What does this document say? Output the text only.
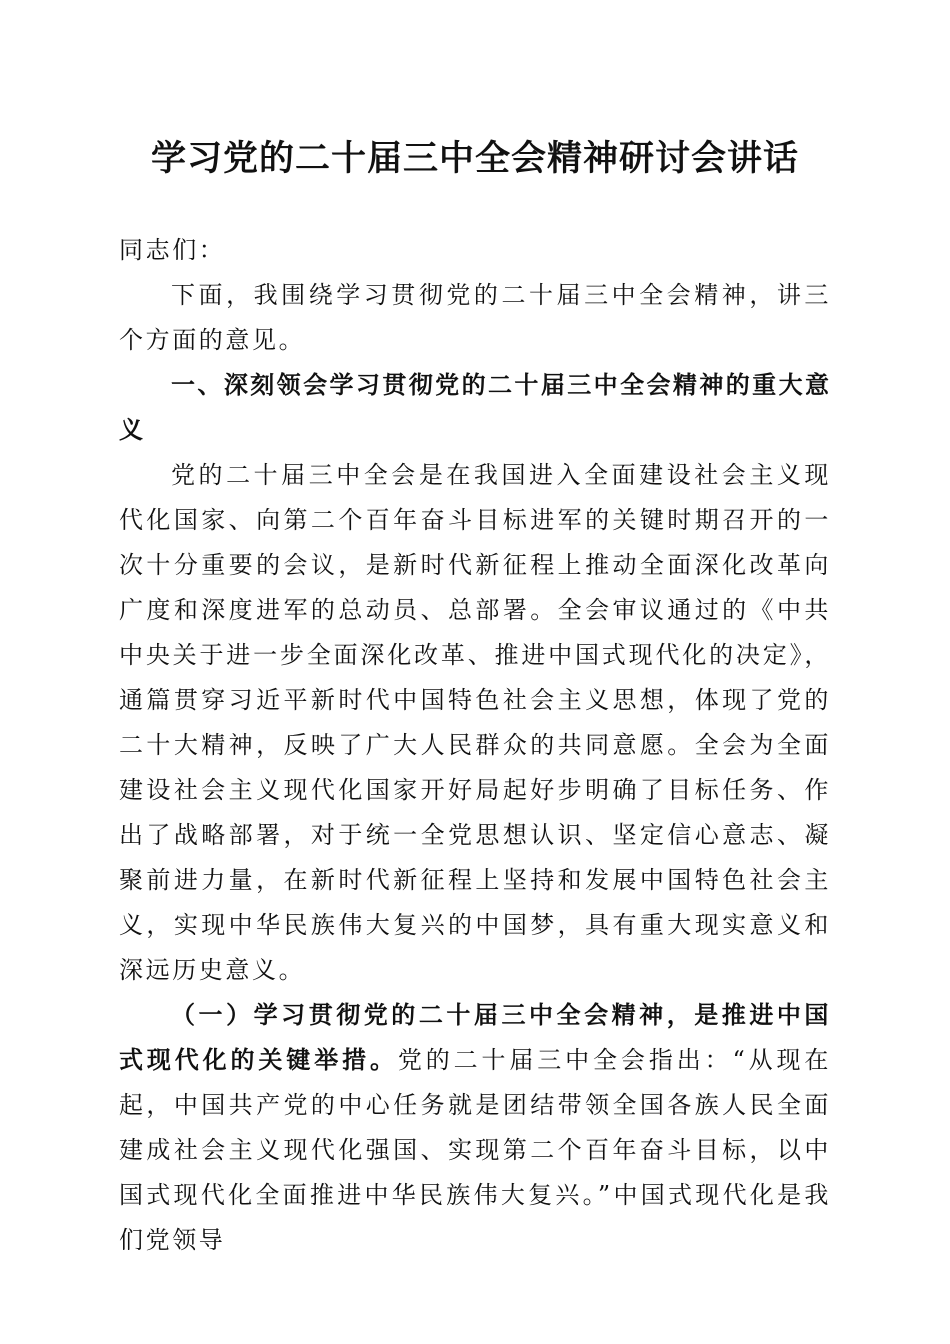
学习党的二十届三中全会精神研讨会讲话

同志们：

下面，我围绕学习贯彻党的二十届三中全会精神，讲三个方面的意见。

一、深刻领会学习贯彻党的二十届三中全会精神的重大意义

党的二十届三中全会是在我国进入全面建设社会主义现代化国家、向第二个百年奋斗目标进军的关键时期召开的一次十分重要的会议，是新时代新征程上推动全面深化改革向广度和深度进军的总动员、总部署。全会审议通过的《中共中央关于进一步全面深化改革、推进中国式现代化的决定》，通篇贯穿习近平新时代中国特色社会主义思想，体现了党的二十大精神，反映了广大人民群众的共同意愿。全会为全面建设社会主义现代化国家开好局起好步明确了目标任务、作出了战略部署，对于统一全党思想认识、坚定信心意志、凝聚前进力量，在新时代新征程上坚持和发展中国特色社会主义，实现中华民族伟大复兴的中国梦，具有重大现实意义和深远历史意义。

（一）学习贯彻党的二十届三中全会精神，是推进中国式现代化的关键举措。党的二十届三中全会指出：“从现在起，中国共产党的中心任务就是团结带领全国各族人民全面建成社会主义现代化强国、实现第二个百年奋斗目标，以中国式现代化全面推进中华民族伟大复兴。”中国式现代化是我们党领导
